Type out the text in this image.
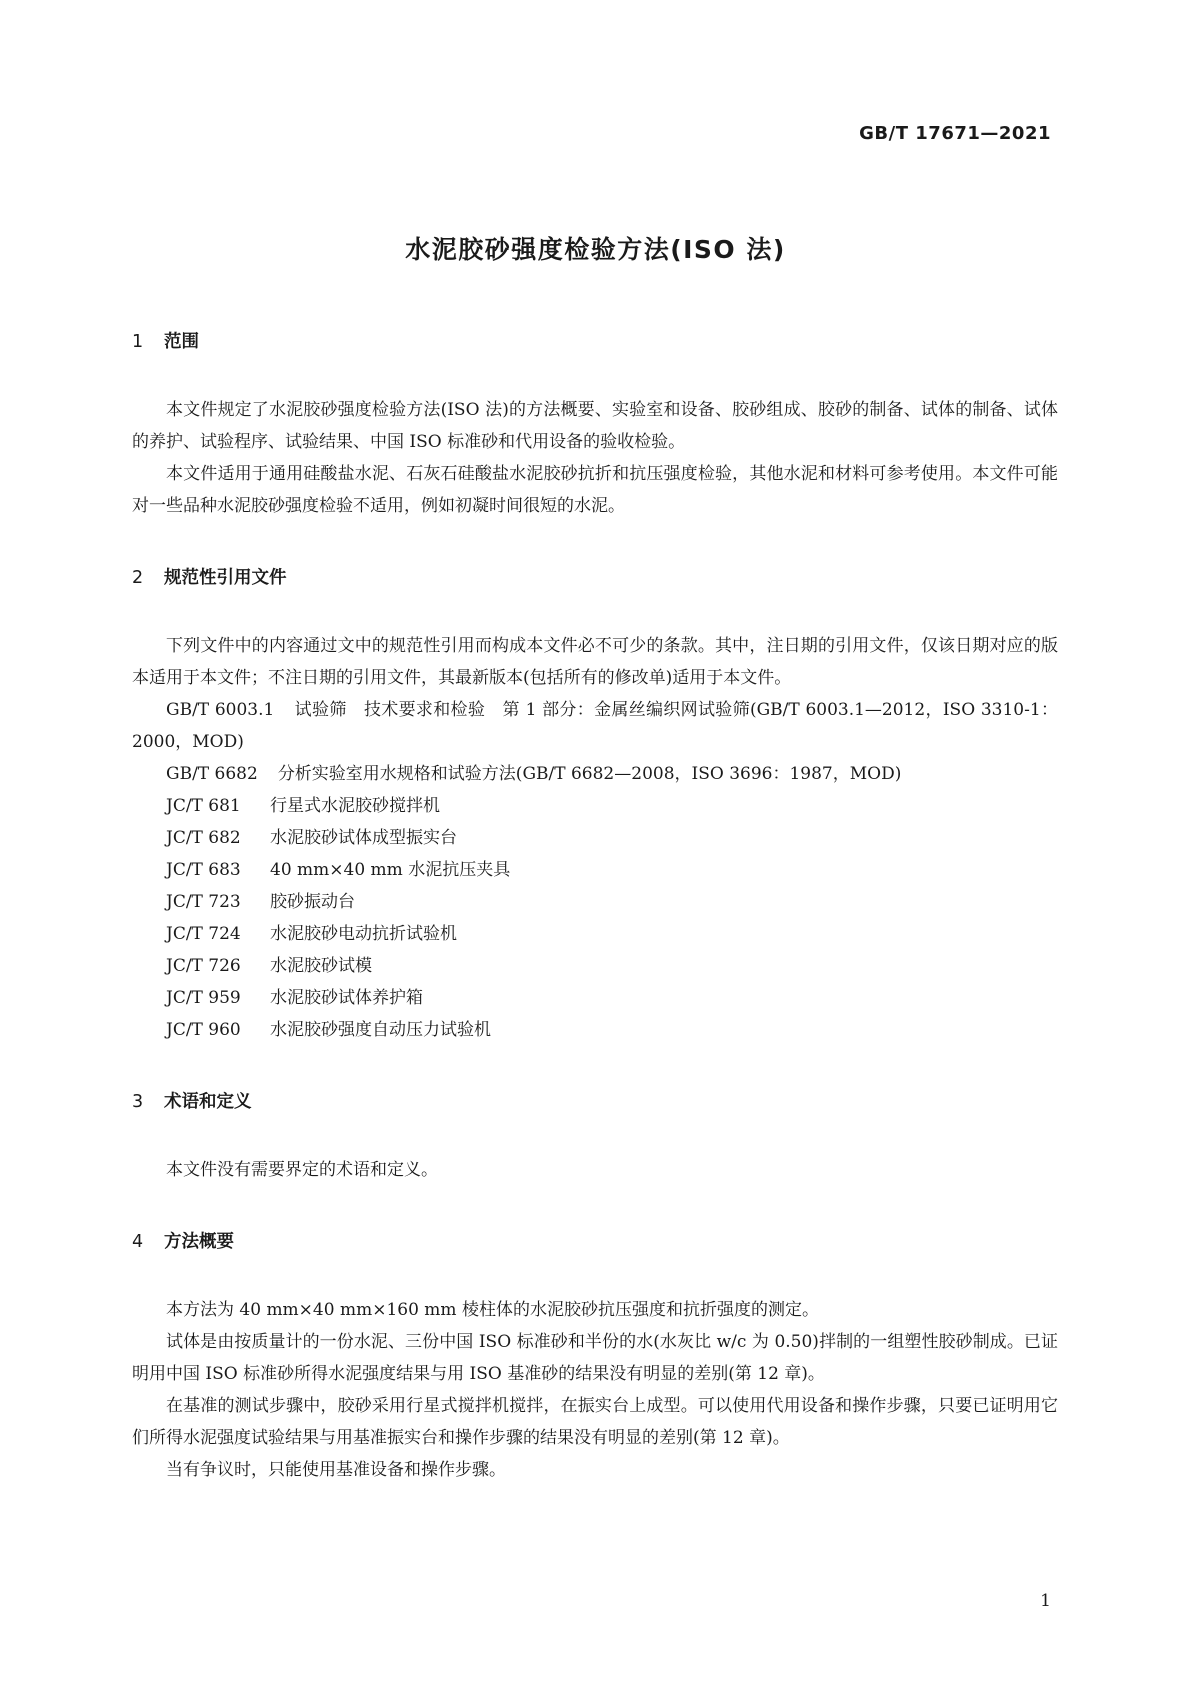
GB/T 17671—2021
水泥胶砂强度检验方法(ISO 法)
1 范围

本文件规定了水泥胶砂强度检验方法(ISO 法)的方法概要、实验室和设备、胶砂组成、胶砂的制备、试体的制备、试体的养护、试验程序、试验结果、中国 ISO 标准砂和代用设备的验收检验。

本文件适用于通用硅酸盐水泥、石灰石硅酸盐水泥胶砂抗折和抗压强度检验，其他水泥和材料可参考使用。本文件可能对一些品种水泥胶砂强度检验不适用，例如初凝时间很短的水泥。

2 规范性引用文件

下列文件中的内容通过文中的规范性引用而构成本文件必不可少的条款。其中，注日期的引用文件，仅该日期对应的版本适用于本文件；不注日期的引用文件，其最新版本(包括所有的修改单)适用于本文件。

GB/T 6003.1 试验筛　技术要求和检验　第 1 部分：金属丝编织网试验筛(GB/T 6003.1—2012，ISO 3310-1：2000，MOD)
GB/T 6682 分析实验室用水规格和试验方法(GB/T 6682—2008，ISO 3696：1987，MOD)
JC/T 681 行星式水泥胶砂搅拌机
JC/T 682 水泥胶砂试体成型振实台
JC/T 683 40 mm×40 mm 水泥抗压夹具
JC/T 723 胶砂振动台
JC/T 724 水泥胶砂电动抗折试验机
JC/T 726 水泥胶砂试模
JC/T 959 水泥胶砂试体养护箱
JC/T 960 水泥胶砂强度自动压力试验机
3 术语和定义

本文件没有需要界定的术语和定义。

4 方法概要

本方法为 40 mm×40 mm×160 mm 棱柱体的水泥胶砂抗压强度和抗折强度的测定。

试体是由按质量计的一份水泥、三份中国 ISO 标准砂和半份的水(水灰比 w/c 为 0.50)拌制的一组塑性胶砂制成。已证明用中国 ISO 标准砂所得水泥强度结果与用 ISO 基准砂的结果没有明显的差别(第 12 章)。

在基准的测试步骤中，胶砂采用行星式搅拌机搅拌，在振实台上成型。可以使用代用设备和操作步骤，只要已证明用它们所得水泥强度试验结果与用基准振实台和操作步骤的结果没有明显的差别(第 12 章)。

当有争议时，只能使用基准设备和操作步骤。

1
